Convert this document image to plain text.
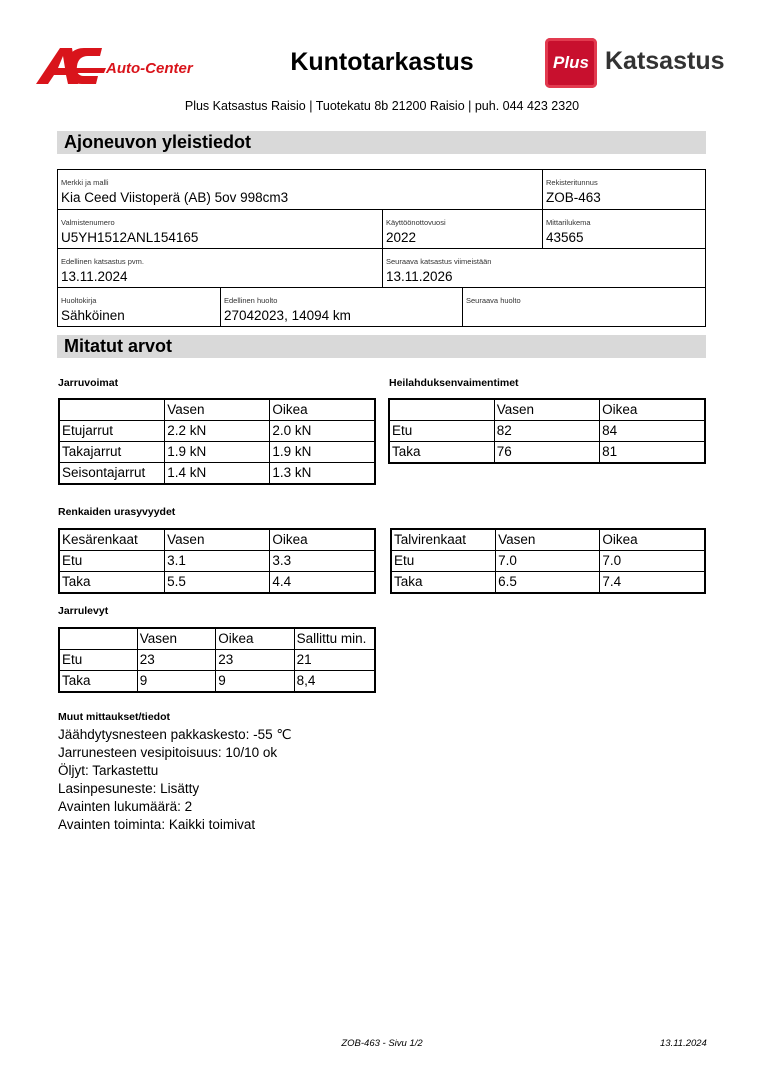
Auto-Center	Kuntotarkastus	Plus Katsastus
Plus Katsastus Raisio | Tuotekatu 8b 21200 Raisio | puh. 044 423 2320
Ajoneuvon yleistiedot
Merkki ja malli
Kia Ceed Viistoperä (AB) 5ov 998cm3
Rekisteritunnus
ZOB-463
Valmistenumero
U5YH1512ANL154165
Käyttöönottovuosi
2022
Mittarilukema
43565
Edellinen katsastus pvm.
13.11.2024
Seuraava katsastus viimeistään
13.11.2026
Huoltokirja
Sähköinen
Edellinen huolto
27042023, 14094 km
Seuraava huolto
Mitatut arvot
Jarruvoimat	Heilahduksenvaimentimet
	Vasen	Oikea
Etujarrut	2.2 kN	2.0 kN
Takajarrut	1.9 kN	1.9 kN
Seisontajarrut	1.4 kN	1.3 kN
	Vasen	Oikea
Etu	82	84
Taka	76	81
Renkaiden urasyvyydet
Kesärenkaat	Vasen	Oikea
Etu	3.1	3.3
Taka	5.5	4.4
Talvirenkaat	Vasen	Oikea
Etu	7.0	7.0
Taka	6.5	7.4
Jarrulevyt
	Vasen	Oikea	Sallittu min.
Etu	23	23	21
Taka	9	9	8,4
Muut mittaukset/tiedot
Jäähdytysnesteen pakkaskesto: -55 ℃
Jarrunesteen vesipitoisuus: 10/10 ok
Öljyt: Tarkastettu
Lasinpesuneste: Lisätty
Avainten lukumäärä: 2
Avainten toiminta: Kaikki toimivat
ZOB-463 - Sivu 1/2	13.11.2024
